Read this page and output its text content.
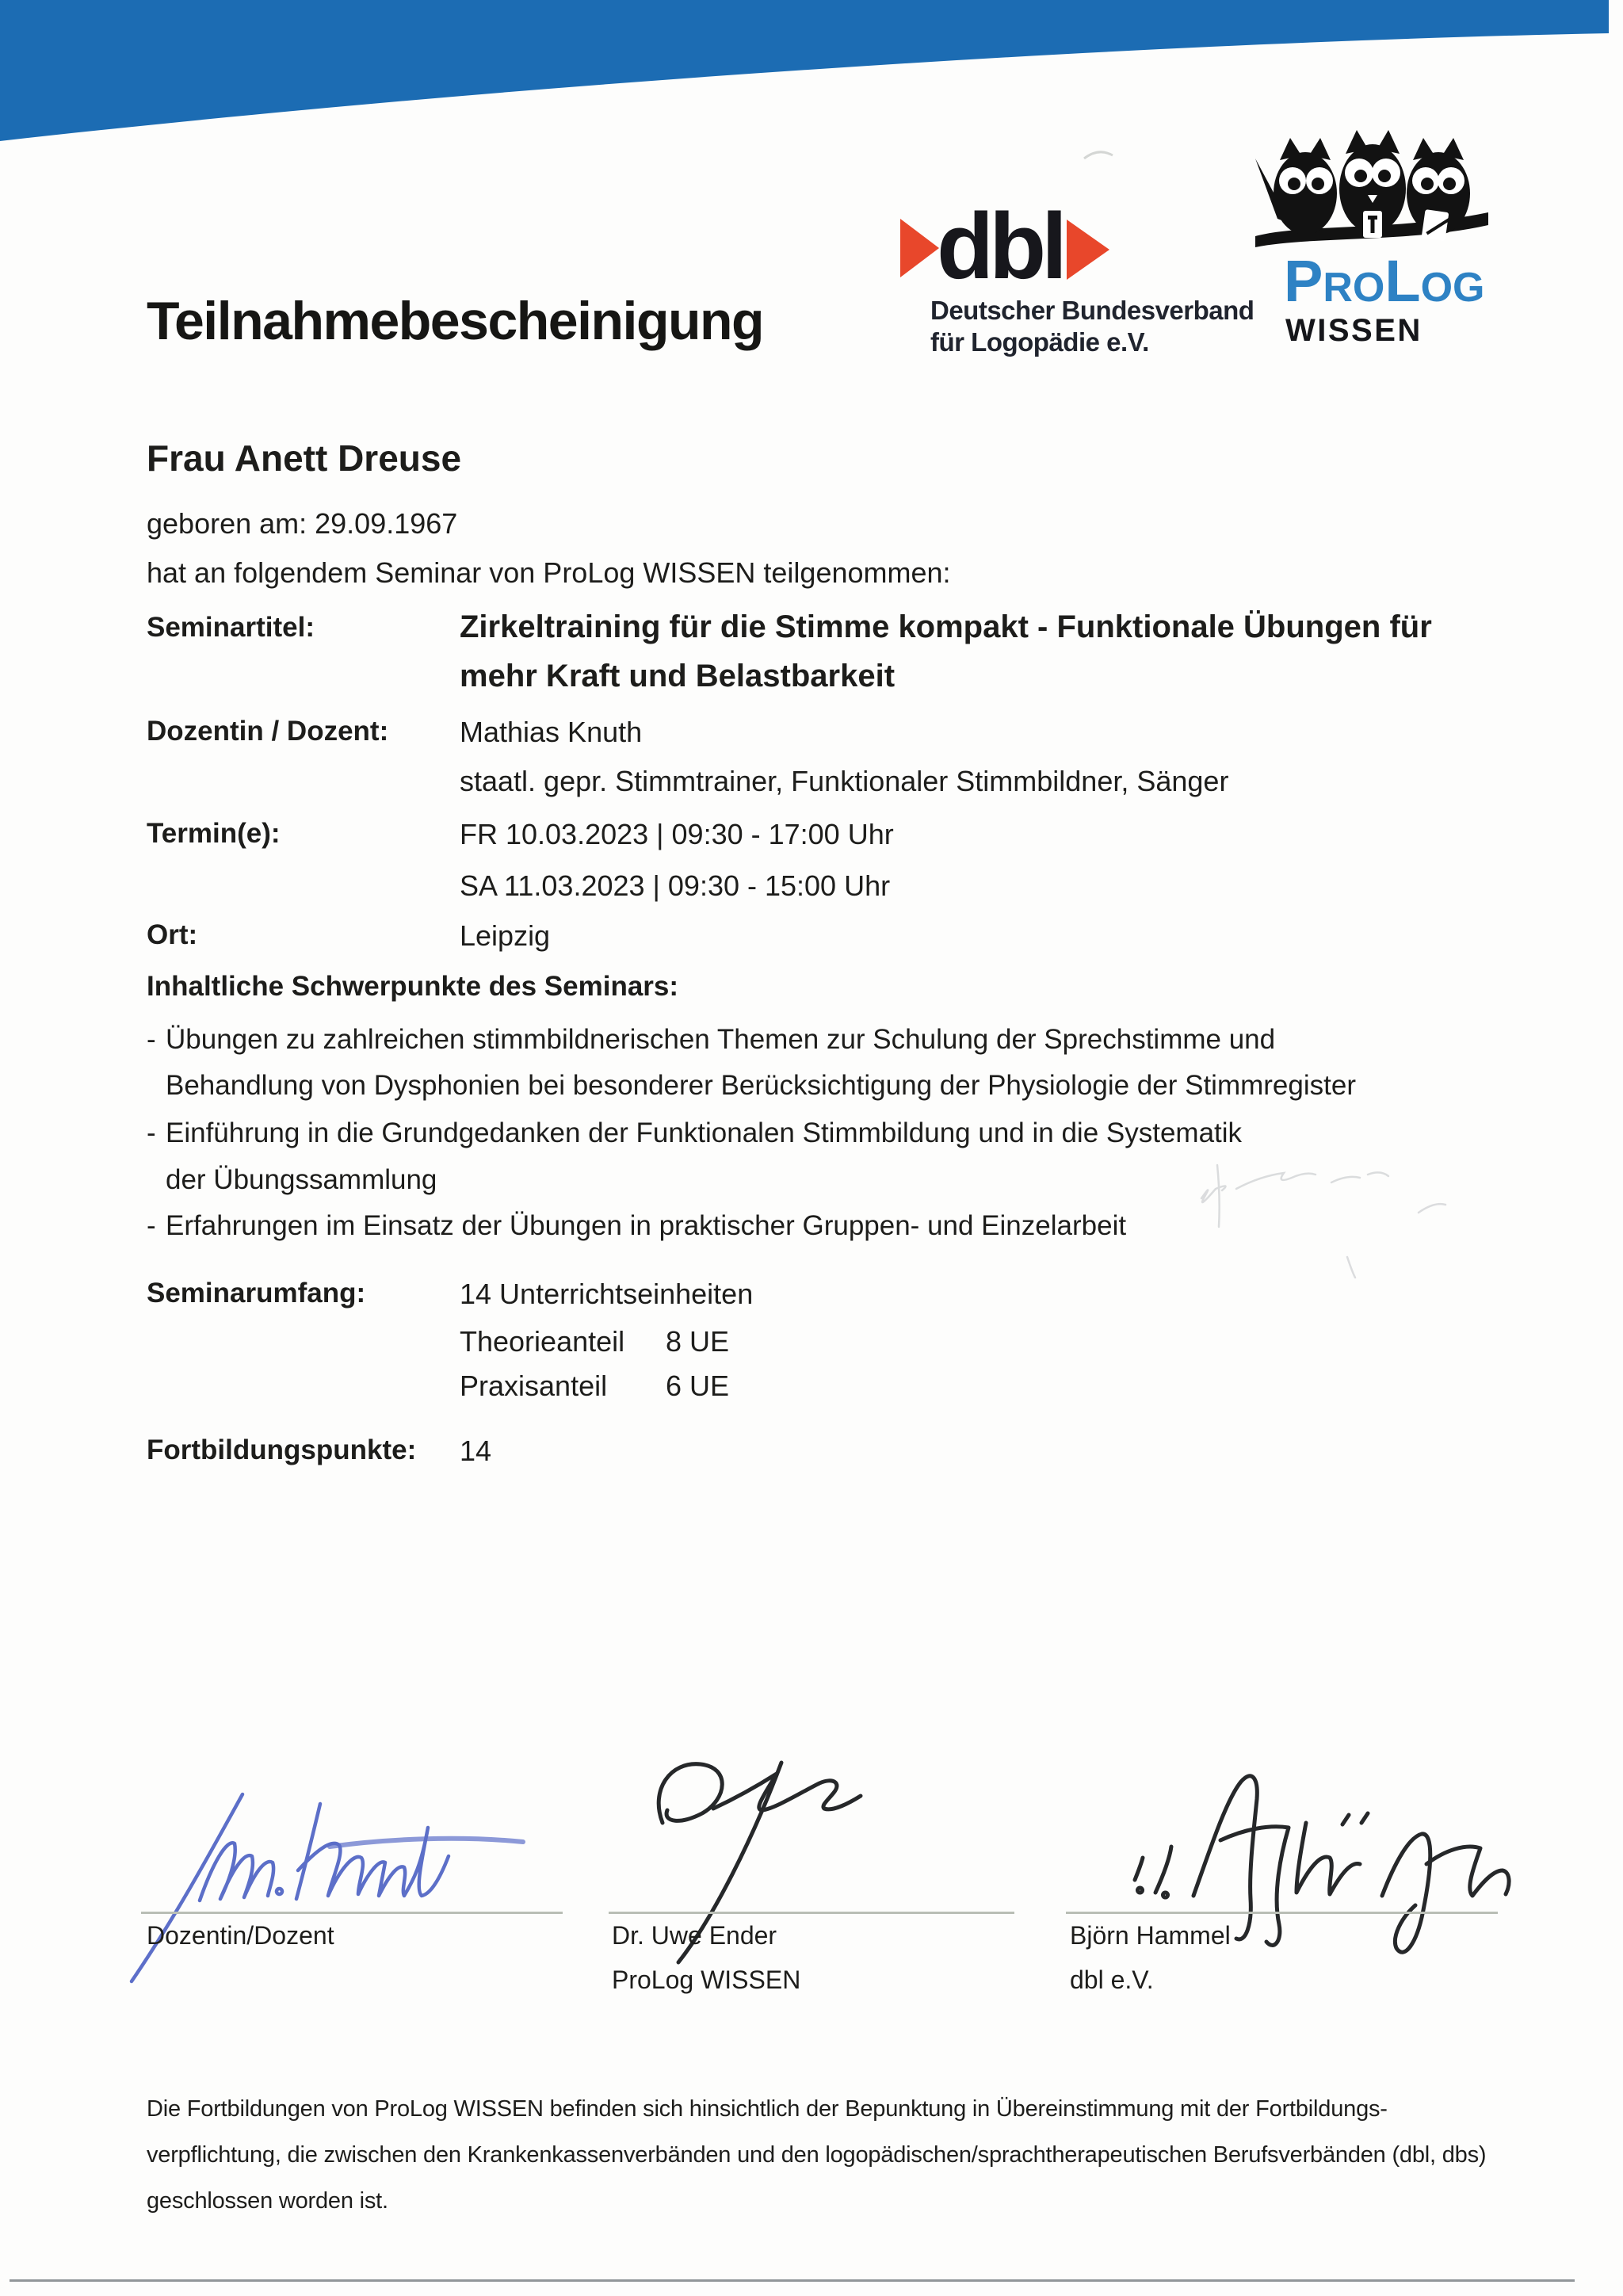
Teilnahmebescheinigung
dbl
Deutscher Bundesverband
für Logopädie e.V.
PROLOG
WISSEN
Frau Anett Dreuse
geboren am: 29.09.1967
hat an folgendem Seminar von ProLog WISSEN teilgenommen:
Seminartitel:	Zirkeltraining für die Stimme kompakt - Funktionale Übungen für
mehr Kraft und Belastbarkeit
Dozentin / Dozent: Mathias Knuth
staatl. gepr. Stimmtrainer, Funktionaler Stimmbildner, Sänger
Termin(e):	FR 10.03.2023 | 09:30 - 17:00 Uhr
SA 11.03.2023 | 09:30 - 15:00 Uhr
Ort:	Leipzig
Inhaltliche Schwerpunkte des Seminars:
- Übungen zu zahlreichen stimmbildnerischen Themen zur Schulung der Sprechstimme und
Behandlung von Dysphonien bei besonderer Berücksichtigung der Physiologie der Stimmregister
- Einführung in die Grundgedanken der Funktionalen Stimmbildung und in die Systematik
der Übungssammlung
- Erfahrungen im Einsatz der Übungen in praktischer Gruppen- und Einzelarbeit
Seminarumfang:	14 Unterrichtseinheiten
Theorieanteil 8 UE
Praxisanteil 6 UE
Fortbildungspunkte: 14
Dozentin/Dozent	Dr. Uwe Ender
ProLog WISSEN
Björn Hammel
dbl e.V.
Die Fortbildungen von ProLog WISSEN befinden sich hinsichtlich der Bepunktung in Übereinstimmung mit der Fortbildungs-
verpflichtung, die zwischen den Krankenkassenverbänden und den logopädischen/sprachtherapeutischen Berufsverbänden (dbl, dbs)
geschlossen worden ist.
